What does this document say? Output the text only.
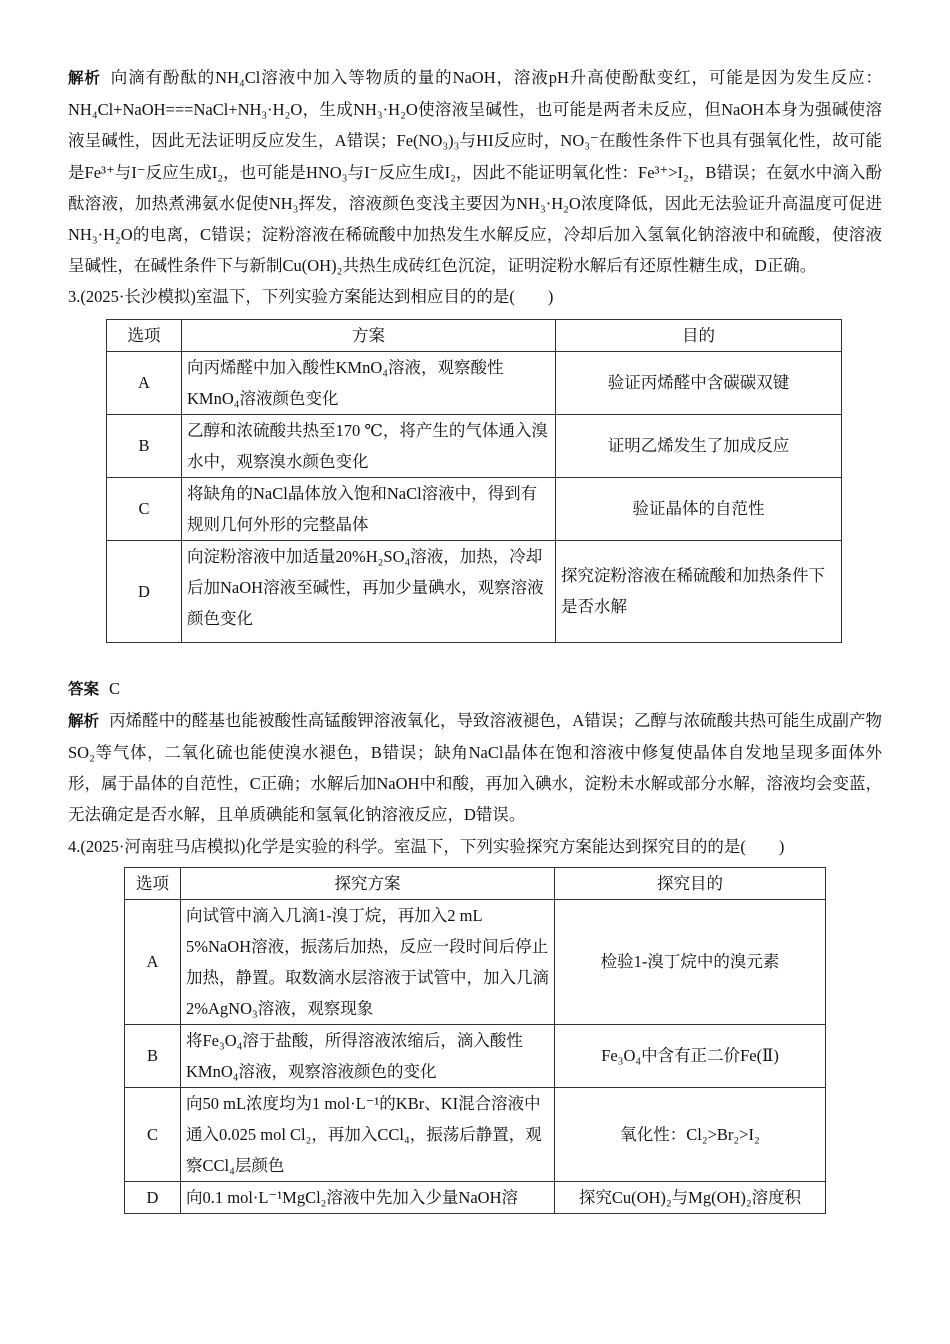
解析 向滴有酚酞的NH₄Cl溶液中加入等物质的量的NaOH，溶液pH升高使酚酞变红，可能是因为发生反应：NH₄Cl+NaOH===NaCl+NH₃·H₂O，生成NH₃·H₂O使溶液呈碱性，也可能是两者未反应，但NaOH本身为强碱使溶液呈碱性，因此无法证明反应发生，A错误；Fe(NO₃)₃与HI反应时，NO₃⁻在酸性条件下也具有强氧化性，故可能是Fe³⁺与I⁻反应生成I₂，也可能是HNO₃与I⁻反应生成I₂，因此不能证明氧化性：Fe³⁺>I₂，B错误；在氨水中滴入酚酞溶液，加热煮沸氨水促使NH₃挥发，溶液颜色变浅主要因为NH₃·H₂O浓度降低，因此无法验证升高温度可促进NH₃·H₂O的电离，C错误；淀粉溶液在稀硫酸中加热发生水解反应，冷却后加入氢氧化钠溶液中和硫酸，使溶液呈碱性，在碱性条件下与新制Cu(OH)₂共热生成砖红色沉淀，证明淀粉水解后有还原性糖生成，D正确。

3.(2025·长沙模拟)室温下，下列实验方案能达到相应目的的是(　　)

选项	方案	目的
A	向丙烯醛中加入酸性KMnO₄溶液，观察酸性KMnO₄溶液颜色变化	验证丙烯醛中含碳碳双键
B	乙醇和浓硫酸共热至170 ℃，将产生的气体通入溴水中，观察溴水颜色变化	证明乙烯发生了加成反应
C	将缺角的NaCl晶体放入饱和NaCl溶液中，得到有规则几何外形的完整晶体	验证晶体的自范性
D	向淀粉溶液中加适量20%H₂SO₄溶液，加热，冷却后加NaOH溶液至碱性，再加少量碘水，观察溶液颜色变化	探究淀粉溶液在稀硫酸和加热条件下是否水解

答案 C

解析 丙烯醛中的醛基也能被酸性高锰酸钾溶液氧化，导致溶液褪色，A错误；乙醇与浓硫酸共热可能生成副产物SO₂等气体，二氧化硫也能使溴水褪色，B错误；缺角NaCl晶体在饱和溶液中修复使晶体自发地呈现多面体外形，属于晶体的自范性，C正确；水解后加NaOH中和酸，再加入碘水，淀粉未水解或部分水解，溶液均会变蓝，无法确定是否水解，且单质碘能和氢氧化钠溶液反应，D错误。

4.(2025·河南驻马店模拟)化学是实验的科学。室温下，下列实验探究方案能达到探究目的的是(　　)

选项	探究方案	探究目的
A	向试管中滴入几滴1-溴丁烷，再加入2 mL 5%NaOH溶液，振荡后加热，反应一段时间后停止加热，静置。取数滴水层溶液于试管中，加入几滴2%AgNO₃溶液，观察现象	检验1-溴丁烷中的溴元素
B	将Fe₃O₄溶于盐酸，所得溶液浓缩后，滴入酸性KMnO₄溶液，观察溶液颜色的变化	Fe₃O₄中含有正二价Fe(Ⅱ)
C	向50 mL浓度均为1 mol·L⁻¹的KBr、KI混合溶液中通入0.025 mol Cl₂，再加入CCl₄，振荡后静置，观察CCl₄层颜色	氧化性：Cl₂>Br₂>I₂
D	向0.1 mol·L⁻¹MgCl₂溶液中先加入少量NaOH溶	探究Cu(OH)₂与Mg(OH)₂溶度积
